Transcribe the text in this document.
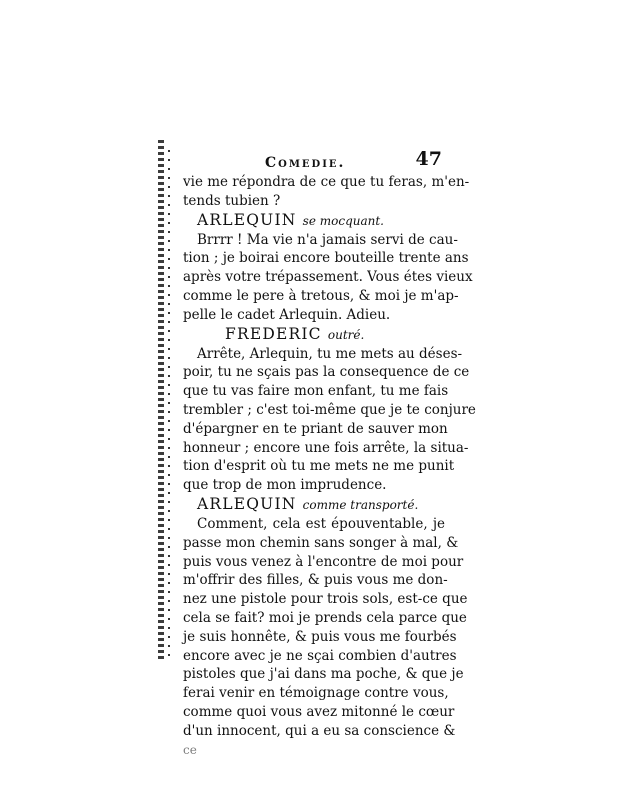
Comedie.	47
vie me répondra de ce que tu feras, m'en-
tends tubien ?
ARLEQUIN se mocquant.
Brrrr ! Ma vie n'a jamais servi de cau-
tion ; je boirai encore bouteille trente ans
après votre trépassement. Vous étes vieux
comme le pere à tretous, & moi je m'ap-
pelle le cadet Arlequin. Adieu.
FREDERIC outré.
Arrête, Arlequin, tu me mets au déses-
poir, tu ne sçais pas la consequence de ce
que tu vas faire mon enfant, tu me fais
trembler ; c'est toi-même que je te conjure
d'épargner en te priant de sauver mon
honneur ; encore une fois arrête, la situa-
tion d'esprit où tu me mets ne me punit
que trop de mon imprudence.
ARLEQUIN comme transporté.
Comment, cela est épouventable, je
passe mon chemin sans songer à mal, &
puis vous venez à l'encontre de moi pour
m'offrir des filles, & puis vous me don-
nez une pistole pour trois sols, est-ce que
cela se fait? moi je prends cela parce que
je suis honnête, & puis vous me fourbés
encore avec je ne sçai combien d'autres
pistoles que j'ai dans ma poche, & que je
ferai venir en témoignage contre vous,
comme quoi vous avez mitonné le cœur
d'un innocent, qui a eu sa conscience &
ce
